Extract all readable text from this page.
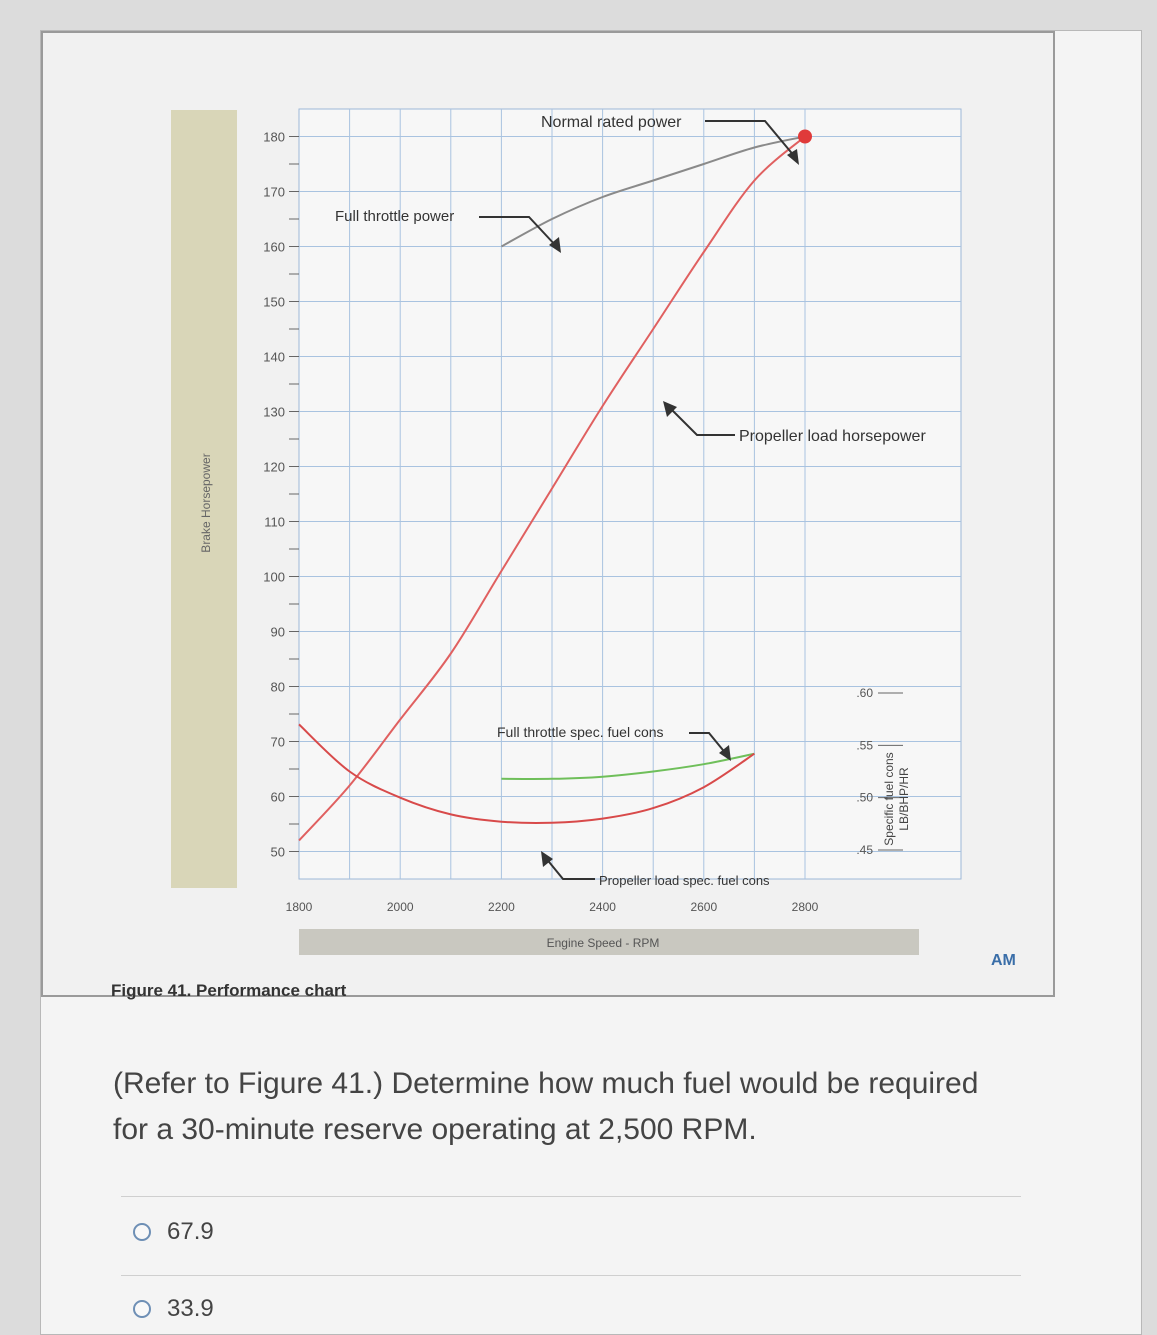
50
60
70
80
90
100
110
120
130
140
150
160
170
180
1800	2000	2200	2400	2600	2800
.45
.50
.55
.60
Brake Horsepower
Engine Speed - RPM
Specific fuel cons LB/BHP/HR
Normal rated power
Full throttle power
Propeller load horsepower
Full throttle spec. fuel cons
Propeller load spec. fuel cons
AM
Figure 41. Performance chart
(Refer to Figure 41.) Determine how much fuel would be required for a 30-minute reserve operating at 2,500 RPM.
67.9
33.9
